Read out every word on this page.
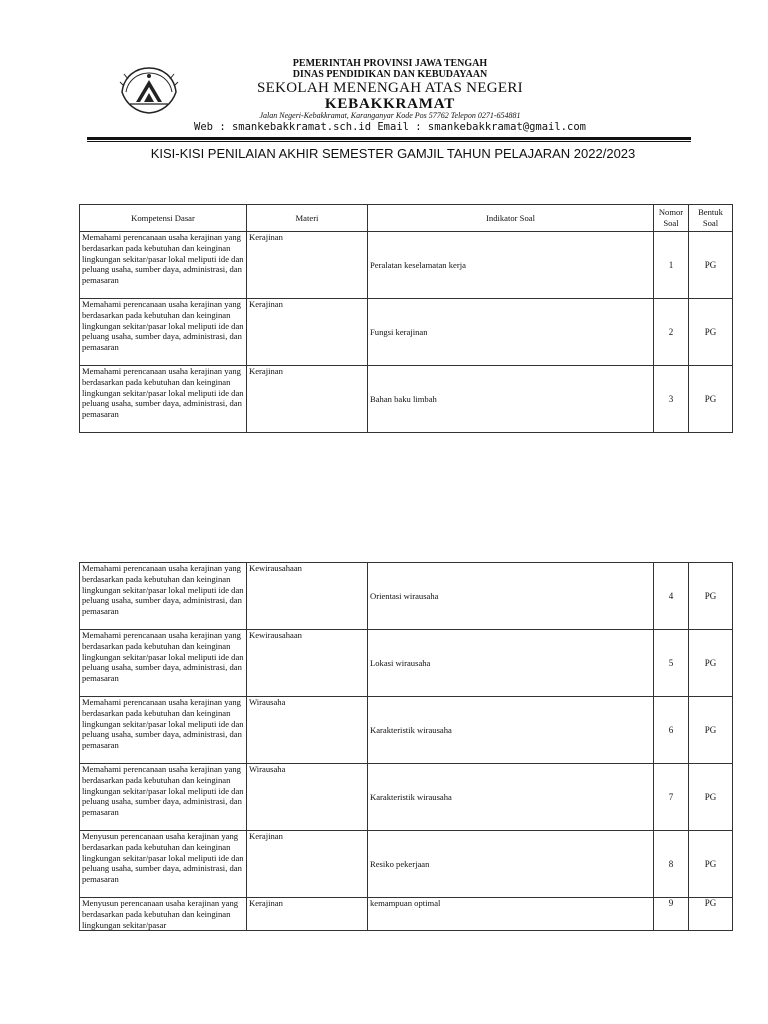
PEMERINTAH PROVINSI JAWA TENGAH
DINAS PENDIDIKAN DAN KEBUDAYAAN
SEKOLAH MENENGAH ATAS NEGERI
KEBAKKRAMAT
Jalan Negeri-Kebakkramat, Karanganyar Kode Pos 57762 Telepon 0271-654881
Web : smankebakkramat.sch.id Email : smankebakkramat@gmail.com
KISI-KISI PENILAIAN AKHIR SEMESTER GAMJIL TAHUN PELAJARAN 2022/2023
Kompetensi Dasar	Materi	Indikator Soal	Nomor Soal	Bentuk Soal
Memahami perencanaan usaha kerajinan yang berdasarkan pada kebutuhan dan keinginan lingkungan sekitar/pasar lokal meliputi ide dan peluang usaha, sumber daya, administrasi, dan pemasaran	Kerajinan	Peralatan keselamatan kerja	1	PG
Memahami perencanaan usaha kerajinan yang berdasarkan pada kebutuhan dan keinginan lingkungan sekitar/pasar lokal meliputi ide dan peluang usaha, sumber daya, administrasi, dan pemasaran	Kerajinan	Fungsi kerajinan	2	PG
Memahami perencanaan usaha kerajinan yang berdasarkan pada kebutuhan dan keinginan lingkungan sekitar/pasar lokal meliputi ide dan peluang usaha, sumber daya, administrasi, dan pemasaran	Kerajinan	Bahan baku limbah	3	PG
Memahami perencanaan usaha kerajinan yang berdasarkan pada kebutuhan dan keinginan lingkungan sekitar/pasar lokal meliputi ide dan peluang usaha, sumber daya, administrasi, dan pemasaran	Kewirausahaan	Orientasi wirausaha	4	PG
Memahami perencanaan usaha kerajinan yang berdasarkan pada kebutuhan dan keinginan lingkungan sekitar/pasar lokal meliputi ide dan peluang usaha, sumber daya, administrasi, dan pemasaran	Kewirausahaan	Lokasi wirausaha	5	PG
Memahami perencanaan usaha kerajinan yang berdasarkan pada kebutuhan dan keinginan lingkungan sekitar/pasar lokal meliputi ide dan peluang usaha, sumber daya, administrasi, dan pemasaran	Wirausaha	Karakteristik wirausaha	6	PG
Memahami perencanaan usaha kerajinan yang berdasarkan pada kebutuhan dan keinginan lingkungan sekitar/pasar lokal meliputi ide dan peluang usaha, sumber daya, administrasi, dan pemasaran	Wirausaha	Karakteristik wirausaha	7	PG
Menyusun perencanaan usaha kerajinan yang berdasarkan pada kebutuhan dan keinginan lingkungan sekitar/pasar lokal meliputi ide dan peluang usaha, sumber daya, administrasi, dan pemasaran	Kerajinan	Resiko pekerjaan	8	PG
Menyusun perencanaan usaha kerajinan yang berdasarkan pada kebutuhan dan keinginan lingkungan sekitar/pasar	Kerajinan	kemampuan optimal	9	PG
